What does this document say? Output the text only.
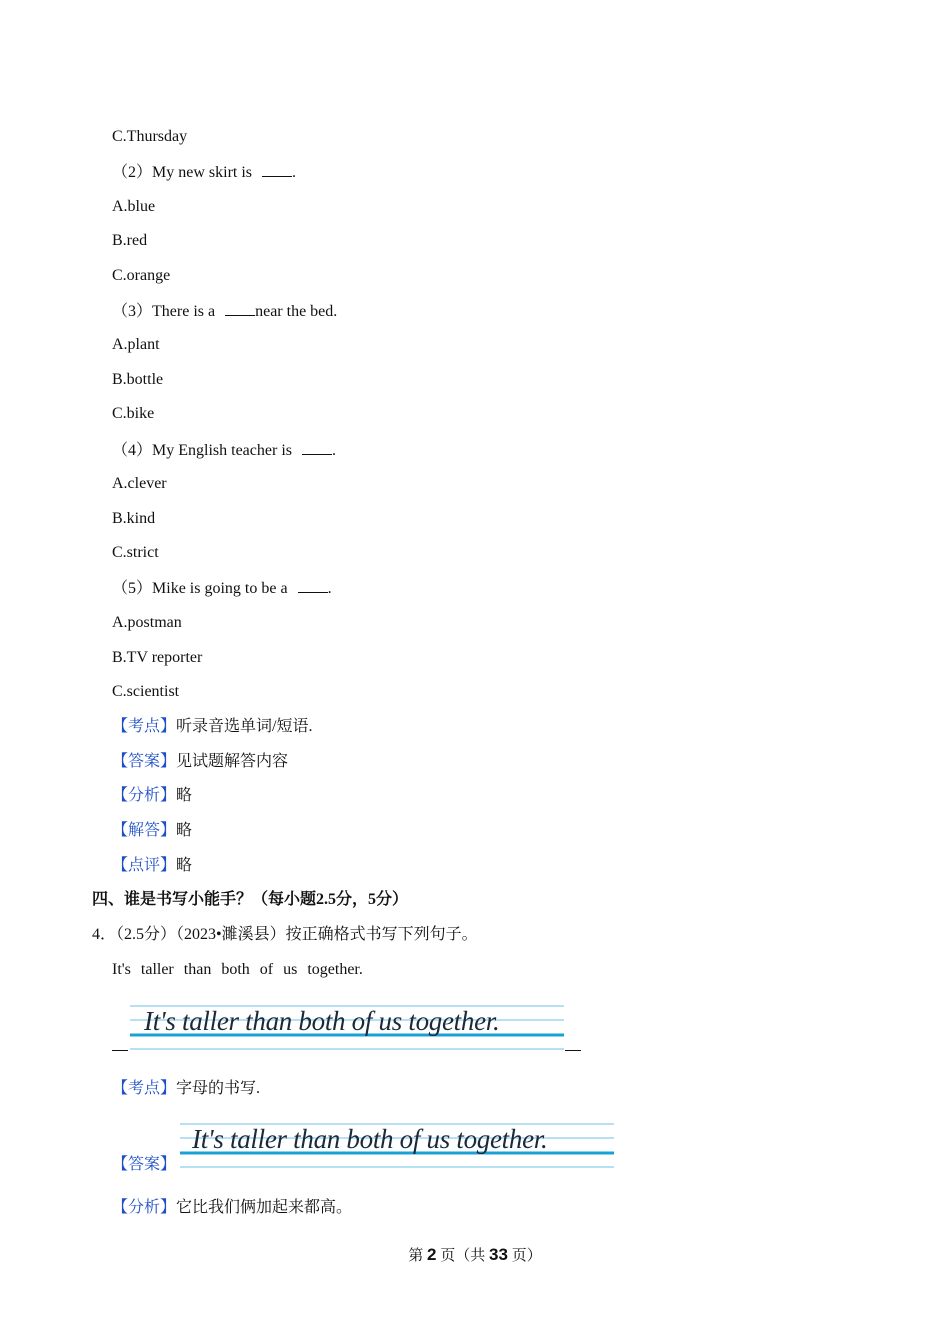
C.Thursday
（2）My new skirt is .
A.blue
B.red
C.orange
（3）There is a near the bed.
A.plant
B.bottle
C.bike
（4）My English teacher is .
A.clever
B.kind
C.strict
（5）Mike is going to be a .
A.postman
B.TV reporter
C.scientist
【考点】听录音选单词/短语.
【答案】见试题解答内容
【分析】略
【解答】略
【点评】略
四、谁是书写小能手？（每小题2.5分，5分）
4．（2.5分）（2023•濉溪县）按正确格式书写下列句子。
It's taller than both of us together.
It's taller than both of us together.
【考点】字母的书写.
【答案】
It's taller than both of us together.
【分析】它比我们俩加起来都高。
第 2 页（共 33 页）
